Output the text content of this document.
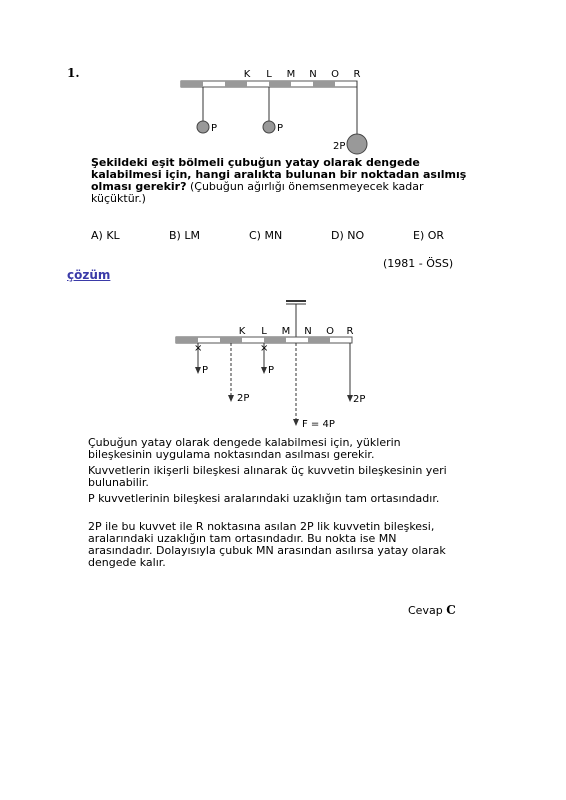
1.	K L M N O R
P	P
2P
Şekildeki eşit bölmeli çubuğun yatay olarak dengede kalabilmesi için, hangi aralıkta bulunan bir noktadan asılmış olması gerekir? (Çubuğun ağırlığı önemsenmeyecek kadar küçüktür.)
A) KL	B) LM	C) MN	D) NO	E) OR
(1981 - ÖSS)
çözüm
K L M N O R
×
P
×
P
2P	2P
F = 4P
Çubuğun yatay olarak dengede kalabilmesi için, yüklerin bileşkesinin uygulama noktasından asılması gerekir.
Kuvvetlerin ikişerli bileşkesi alınarak üç kuvvetin bileşkesinin yeri bulunabilir.
P kuvvetlerinin bileşkesi aralarındaki uzaklığın tam ortasındadır.
2P ile bu kuvvet ile R noktasına asılan 2P lik kuvvetin bileşkesi, aralarındaki uzaklığın tam ortasındadır. Bu nokta ise MN arasındadır. Dolayısıyla çubuk MN arasından asılırsa yatay olarak dengede kalır.
Cevap C
